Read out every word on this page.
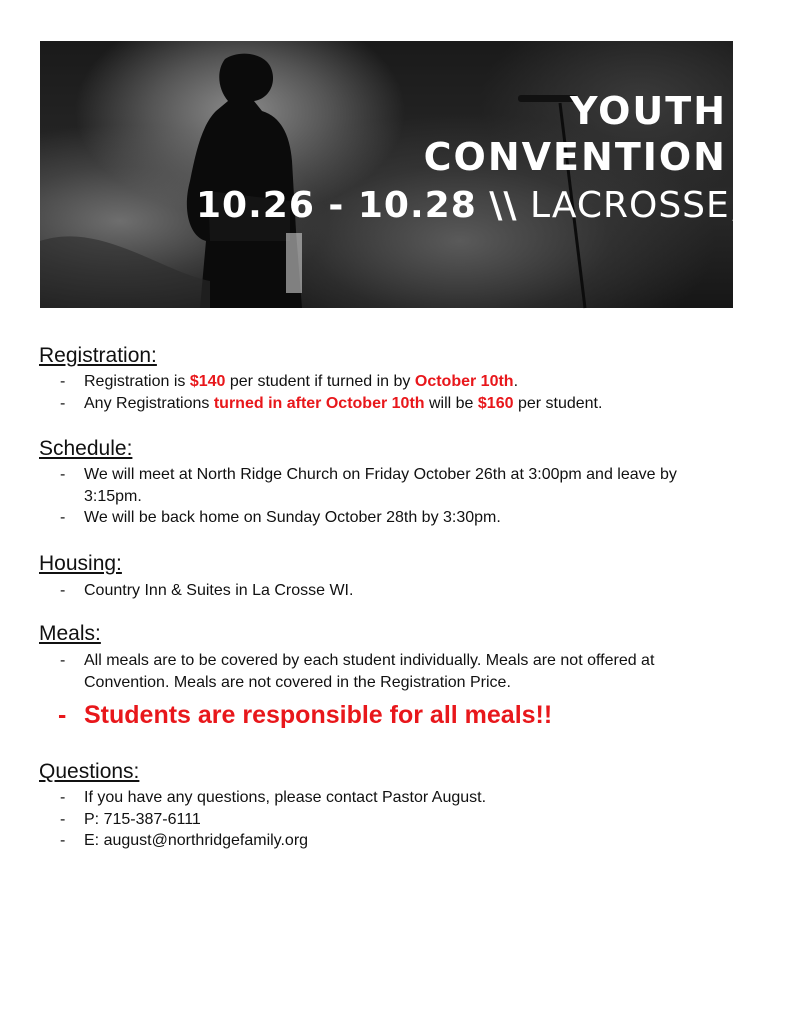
YOUTH
CONVENTION
10.26 - 10.28 \\ LACROSSE, WI
Registration:
- Registration is $140 per student if turned in by October 10th.
- Any Registrations turned in after October 10th will be $160 per student.
Schedule:
- We will meet at North Ridge Church on Friday October 26th at 3:00pm and leave by 3:15pm.
- We will be back home on Sunday October 28th by 3:30pm.
Housing:
- Country Inn & Suites in La Crosse WI.
Meals:
- All meals are to be covered by each student individually. Meals are not offered at Convention. Meals are not covered in the Registration Price.
- Students are responsible for all meals!!
Questions:
- If you have any questions, please contact Pastor August.
- P: 715-387-6111
- E: august@northridgefamily.org
